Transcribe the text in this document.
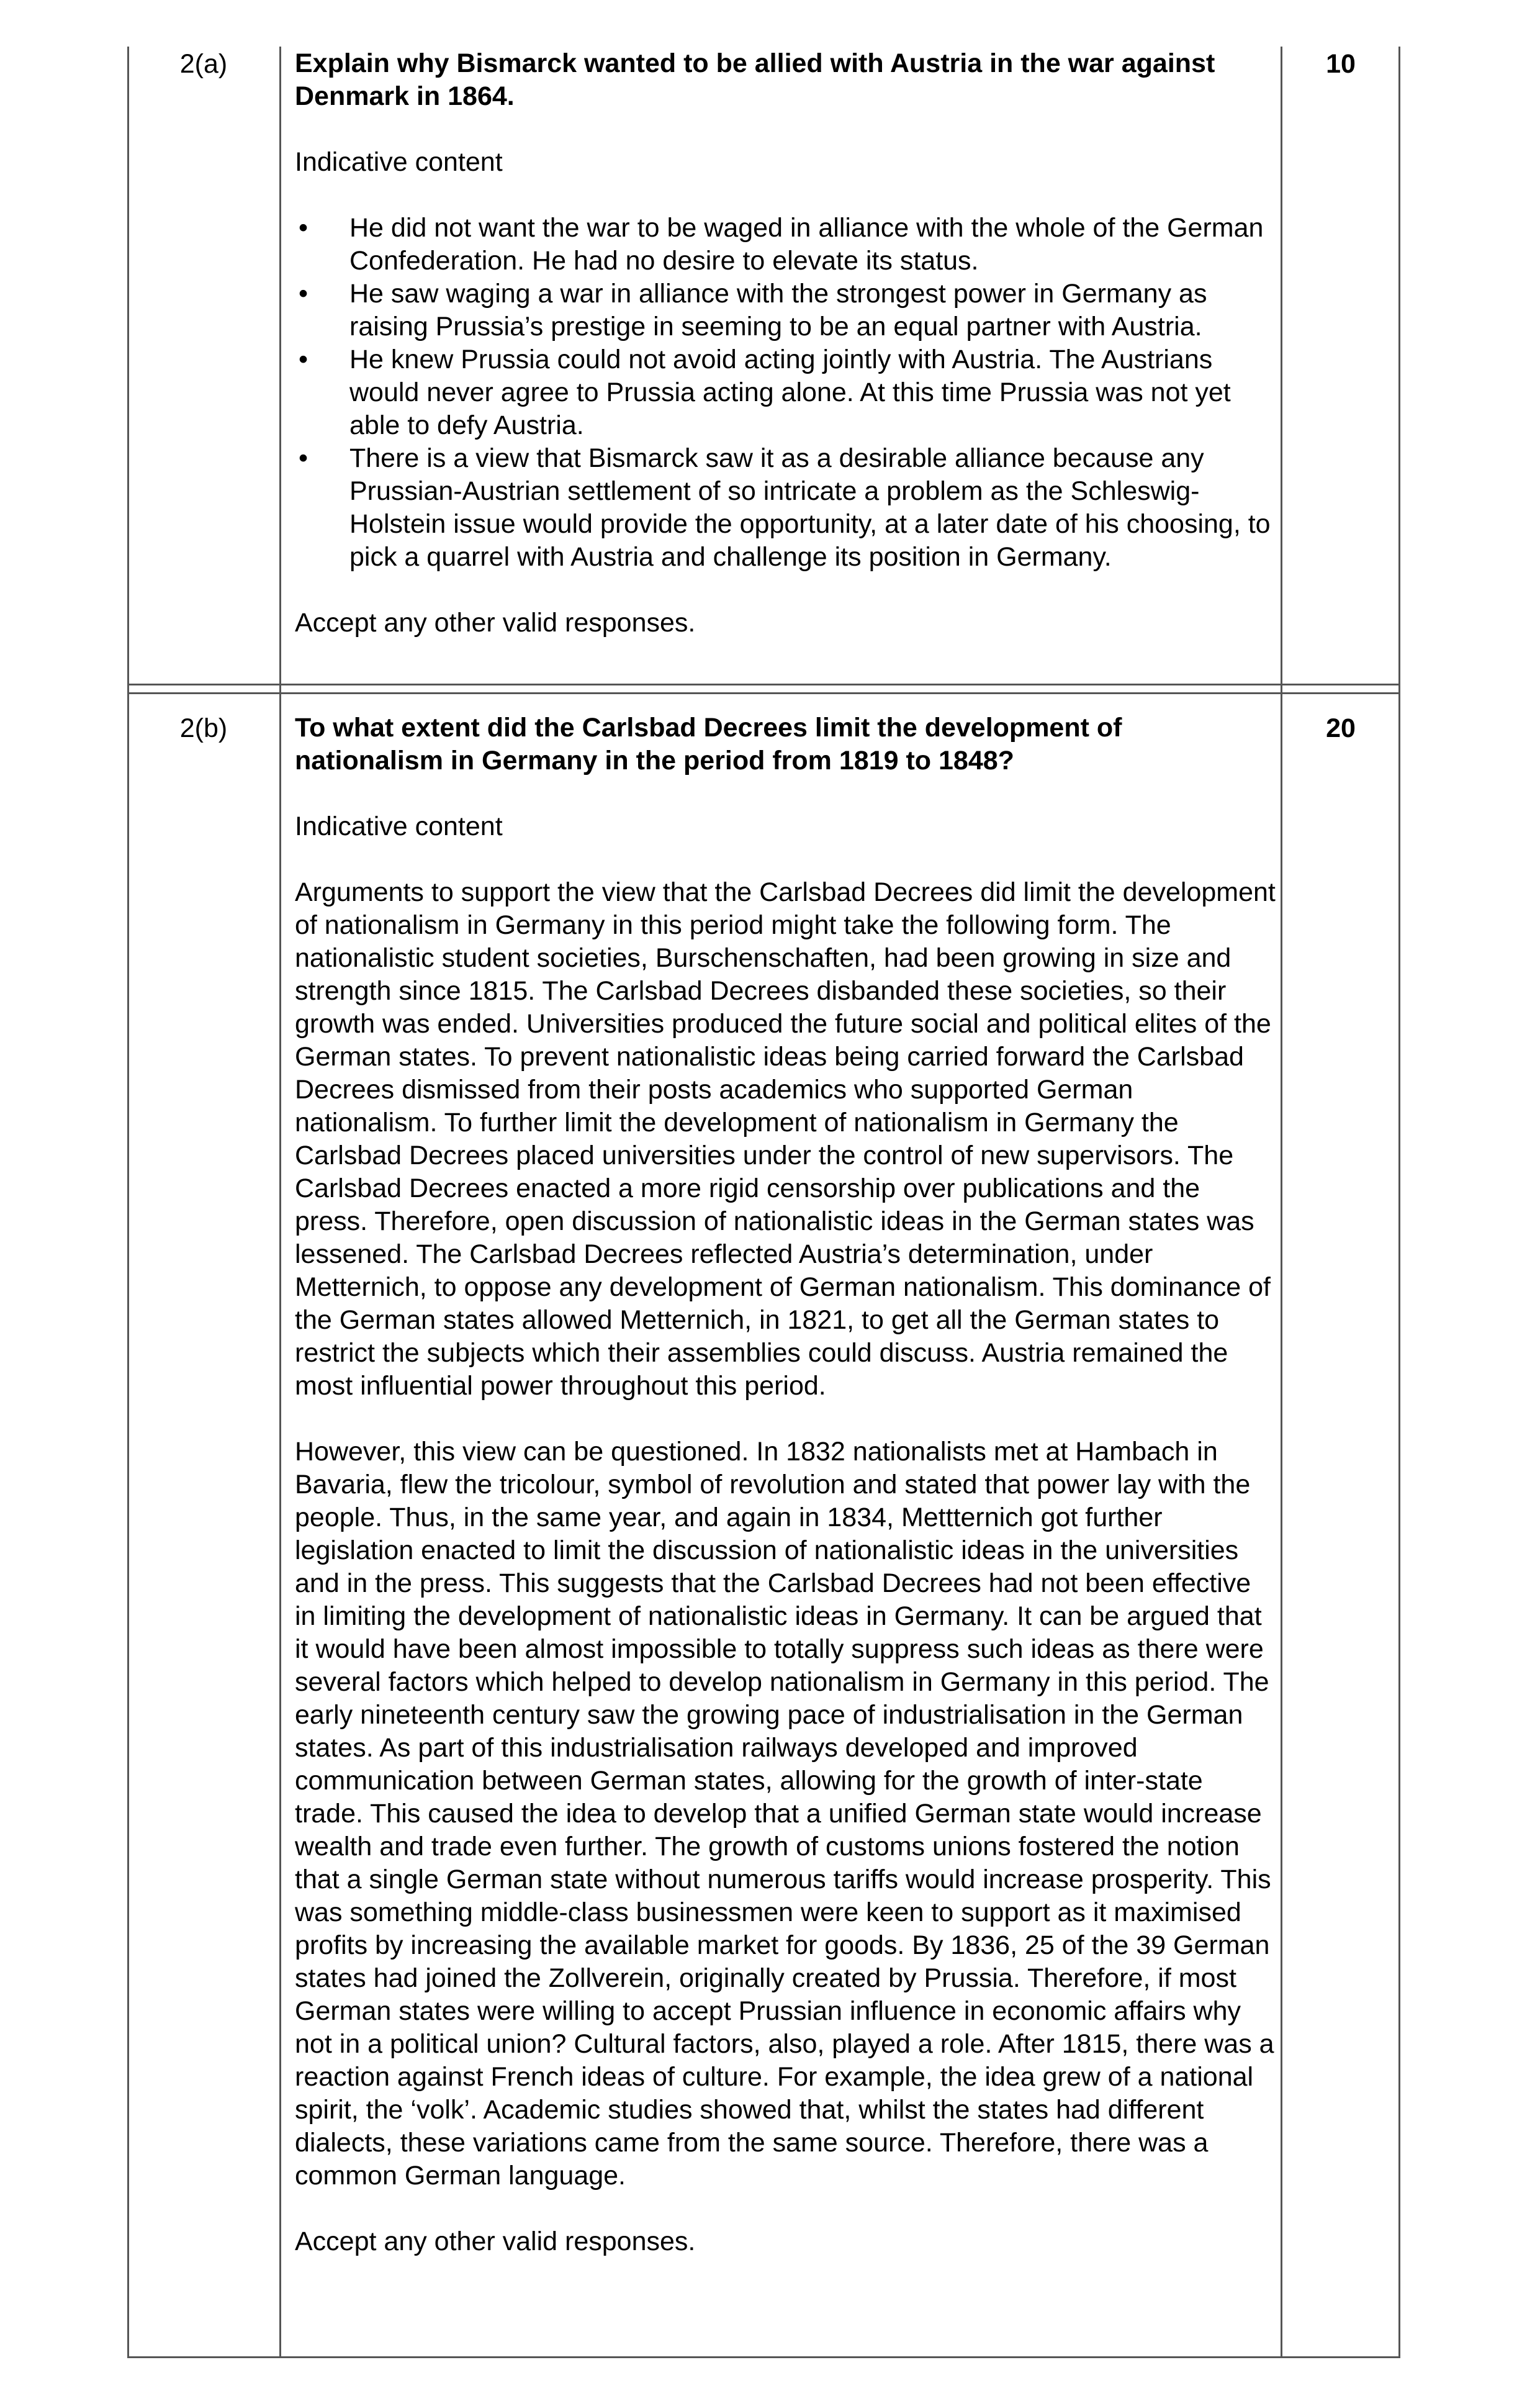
2(a)	10

Explain why Bismarck wanted to be allied with Austria in the war against Denmark in 1864.

Indicative content

• He did not want the war to be waged in alliance with the whole of the German Confederation. He had no desire to elevate its status.
• He saw waging a war in alliance with the strongest power in Germany as raising Prussia’s prestige in seeming to be an equal partner with Austria.
• He knew Prussia could not avoid acting jointly with Austria. The Austrians would never agree to Prussia acting alone. At this time Prussia was not yet able to defy Austria.
• There is a view that Bismarck saw it as a desirable alliance because any Prussian-Austrian settlement of so intricate a problem as the Schleswig-Holstein issue would provide the opportunity, at a later date of his choosing, to pick a quarrel with Austria and challenge its position in Germany.

Accept any other valid responses.

2(b)	20

To what extent did the Carlsbad Decrees limit the development of nationalism in Germany in the period from 1819 to 1848?

Indicative content

Arguments to support the view that the Carlsbad Decrees did limit the development of nationalism in Germany in this period might take the following form. The nationalistic student societies, Burschenschaften, had been growing in size and strength since 1815. The Carlsbad Decrees disbanded these societies, so their growth was ended. Universities produced the future social and political elites of the German states. To prevent nationalistic ideas being carried forward the Carlsbad Decrees dismissed from their posts academics who supported German nationalism. To further limit the development of nationalism in Germany the Carlsbad Decrees placed universities under the control of new supervisors. The Carlsbad Decrees enacted a more rigid censorship over publications and the press. Therefore, open discussion of nationalistic ideas in the German states was lessened. The Carlsbad Decrees reflected Austria’s determination, under Metternich, to oppose any development of German nationalism. This dominance of the German states allowed Metternich, in 1821, to get all the German states to restrict the subjects which their assemblies could discuss. Austria remained the most influential power throughout this period.

However, this view can be questioned. In 1832 nationalists met at Hambach in Bavaria, flew the tricolour, symbol of revolution and stated that power lay with the people. Thus, in the same year, and again in 1834, Mettternich got further legislation enacted to limit the discussion of nationalistic ideas in the universities and in the press. This suggests that the Carlsbad Decrees had not been effective in limiting the development of nationalistic ideas in Germany. It can be argued that it would have been almost impossible to totally suppress such ideas as there were several factors which helped to develop nationalism in Germany in this period. The early nineteenth century saw the growing pace of industrialisation in the German states. As part of this industrialisation railways developed and improved communication between German states, allowing for the growth of inter-state trade. This caused the idea to develop that a unified German state would increase wealth and trade even further. The growth of customs unions fostered the notion that a single German state without numerous tariffs would increase prosperity. This was something middle-class businessmen were keen to support as it maximised profits by increasing the available market for goods. By 1836, 25 of the 39 German states had joined the Zollverein, originally created by Prussia. Therefore, if most German states were willing to accept Prussian influence in economic affairs why not in a political union? Cultural factors, also, played a role. After 1815, there was a reaction against French ideas of culture. For example, the idea grew of a national spirit, the ‘volk’. Academic studies showed that, whilst the states had different dialects, these variations came from the same source. Therefore, there was a common German language.

Accept any other valid responses.
